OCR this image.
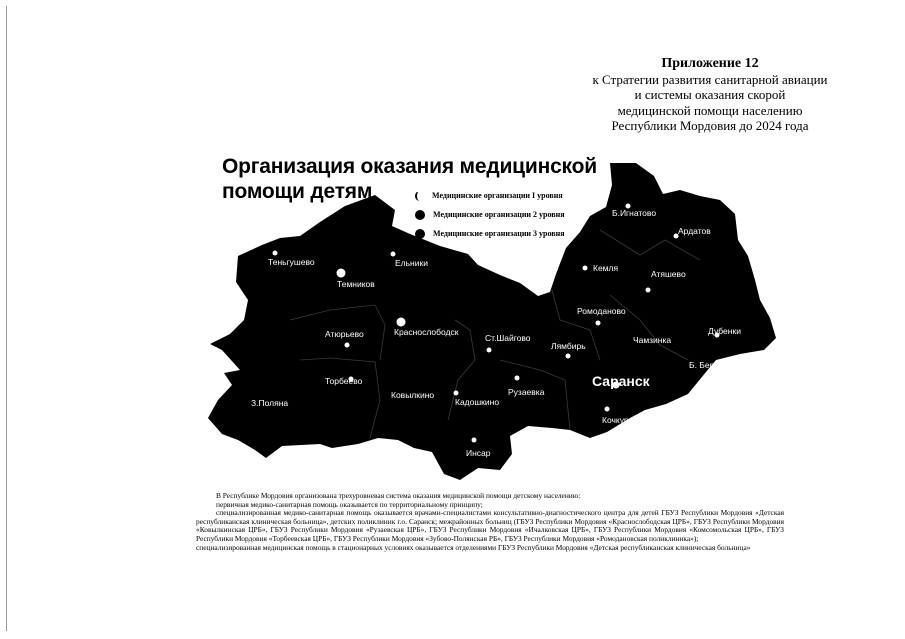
Приложение 12
к Стратегии развития санитарной авиации
и системы оказания скорой
медицинской помощи населению
Республики Мордовия до 2024 года
Теньгушево
Темников
Ельники
Б.Игнатово
Ардатов
Кемля
Атяшево
Ромоданово
Дубенки
Атюрьево	Краснослободск
Ст.Шайгово
Лямбирь
Чамзинка
Б. Березники
Торбеево
Ковылкино	Рузаевка
З.Поляна	Кадошкино
Кочкурово
Инсар
Саранск
Организация оказания медицинской
помощи детям	Медицинские организации I уровня
Медицинские организации 2 уровня
Медицинские организации 3 уровня

В Республике Мордовия организована трехуровневая система оказания медицинской помощи детскому населению:

первичная медико-санитарная помощь оказывается по территориальному принципу;

специализированная медико-санитарная помощь оказывается врачами-специалистами консультативно-диагностического центра для детей ГБУЗ Республики Мордовия «Детская республиканская клиническая больница», детских поликлиник г.о. Саранск; межрайонных больниц (ГБУЗ Республики Мордовия «Краснослободская ЦРБ», ГБУЗ Республики Мордовия «Ковылкинская ЦРБ», ГБУЗ Республики Мордовия «Рузаевская ЦРБ», ГБУЗ Республики Мордовия «Ичалковская ЦРБ», ГБУЗ Республики Мордовия «Комсомольская ЦРБ», ГБУЗ Республики Мордовия «Торбеевская ЦРБ», ГБУЗ Республики Мордовия «Зубово-Полянская РБ», ГБУЗ Республики Мордовия «Ромодановская поликлиника»);

специализированная медицинская помощь в стационарных условиях оказывается отделениями ГБУЗ Республики Мордовия «Детская республиканская клиническая больница»
